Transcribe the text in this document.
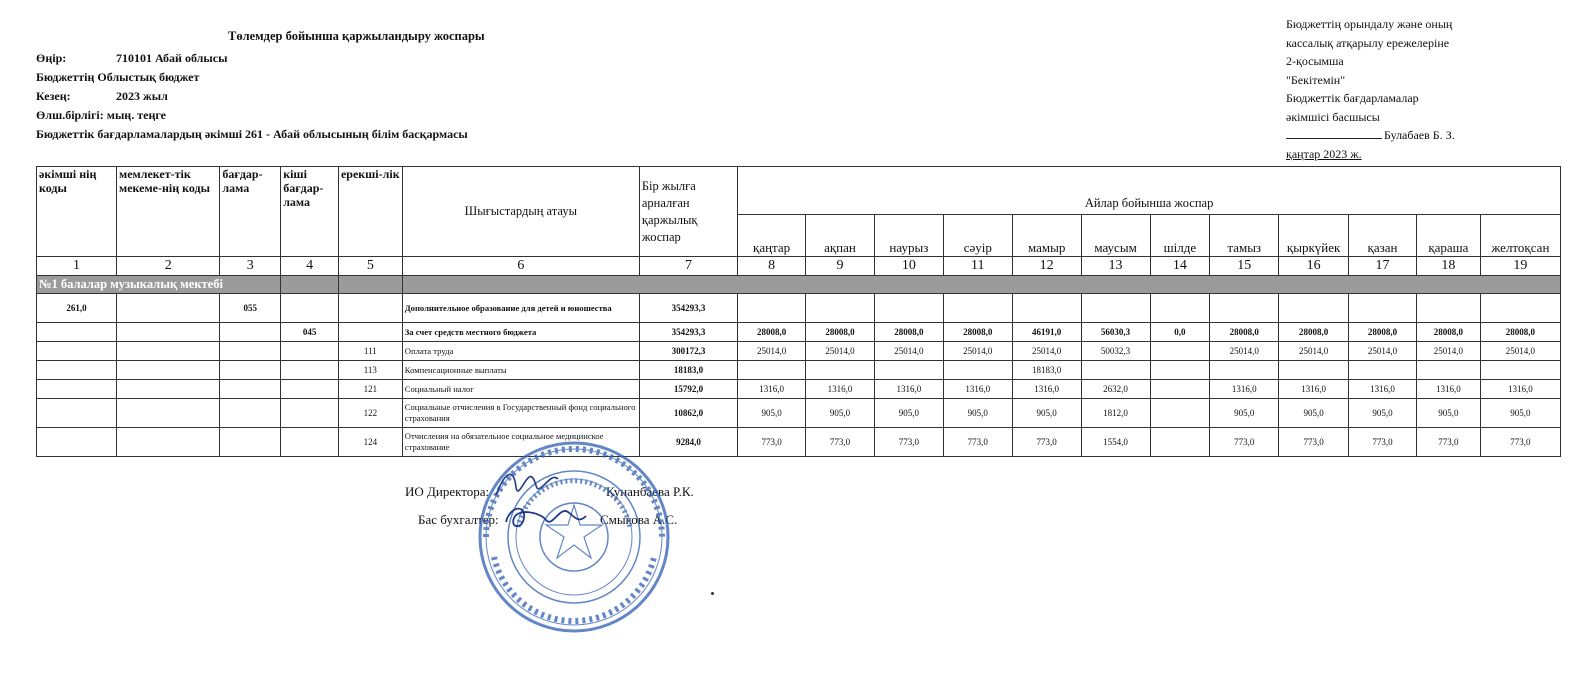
Төлемдер бойынша қаржыландыру жоспары
Өңір:	710101 Абай облысы
Бюджеттің Облыстық бюджет
Кезең:	2023 жыл
Өлш.бірлігі: мың. теңге
Бюджеттік бағдарламалардың әкімші 261 - Абай облысының білім басқармасы
Бюджеттің орындалу және оның
кассалық атқарылу ережелеріне
2-қосымша
"Бекітемін"
Бюджеттік бағдарламалар
әкімшісі басшысы
Булабаев Б. З.
қаңтар 2023 ж.
әкімші нің коды	мемлекет-тік мекеме-нің коды	бағдар-лама	кіші бағдар-лама	ерекші-лік	Шығыстардың атауы	Бір жылға арналған қаржылық жоспар	Айлар бойынша жоспар											
							қаңтар	ақпан	наурыз	сәуір	мамыр	маусым	шілде	тамыз	қыркүйек	қазан	қараша	желтоқсан
1	2	3	4	5	6	7	8	9	10	11	12	13	14	15	16	17	18	19
№1 балалар музыкалық мектебі																		
261,0		055			Дополнительное образование для детей и юношества	354293,3												
			045		За счет средств местного бюджета	354293,3	28008,0	28008,0	28008,0	28008,0	46191,0	56030,3	0,0	28008,0	28008,0	28008,0	28008,0	28008,0
				111	Оплата труда	300172,3	25014,0	25014,0	25014,0	25014,0	25014,0	50032,3		25014,0	25014,0	25014,0	25014,0	25014,0
				113	Компенсационные выплаты	18183,0					18183,0							
				121	Социальный налог	15792,0	1316,0	1316,0	1316,0	1316,0	1316,0	2632,0		1316,0	1316,0	1316,0	1316,0	1316,0
				122	Социальные отчисления в Государственный фонд социального страхования	10862,0	905,0	905,0	905,0	905,0	905,0	1812,0		905,0	905,0	905,0	905,0	905,0
				124	Отчисления на обязательное социальное медицинское страхование	9284,0	773,0	773,0	773,0	773,0	773,0	1554,0		773,0	773,0	773,0	773,0	773,0
ИО Директора:	Кунанбаева Р.К.
Бас бухгалтер:	Смыкова А.С.
